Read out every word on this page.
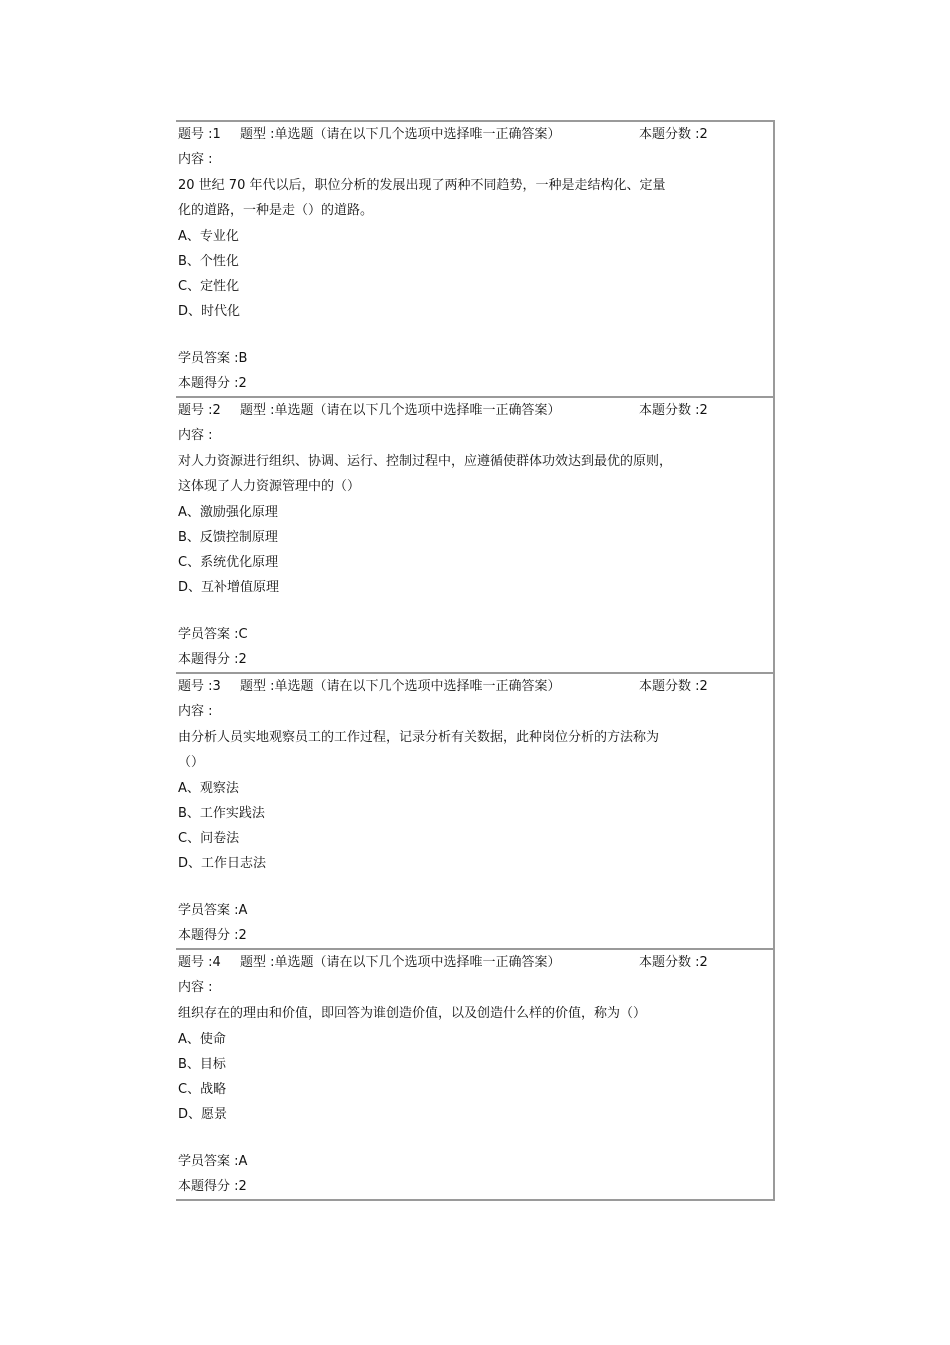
题号 :1 题型 :单选题（请在以下几个选项中选择唯一正确答案）	本题分数 :2
内容 :
20 世纪 70 年代以后，职位分析的发展出现了两种不同趋势，一种是走结构化、定量
化的道路，一种是走（）的道路。
A、专业化
B、个性化
C、定性化
D、时代化
学员答案 :B
本题得分 :2
题号 :2 题型 :单选题（请在以下几个选项中选择唯一正确答案）	本题分数 :2
内容 :
对人力资源进行组织、协调、运行、控制过程中，应遵循使群体功效达到最优的原则，
这体现了人力资源管理中的（）
A、激励强化原理
B、反馈控制原理
C、系统优化原理
D、互补增值原理
学员答案 :C
本题得分 :2
题号 :3 题型 :单选题（请在以下几个选项中选择唯一正确答案）	本题分数 :2
内容 :
由分析人员实地观察员工的工作过程，记录分析有关数据，此种岗位分析的方法称为
（）
A、观察法
B、工作实践法
C、问卷法
D、工作日志法
学员答案 :A
本题得分 :2
题号 :4 题型 :单选题（请在以下几个选项中选择唯一正确答案）	本题分数 :2
内容 :
组织存在的理由和价值，即回答为谁创造价值，以及创造什么样的价值，称为（）
A、使命
B、目标
C、战略
D、愿景
学员答案 :A
本题得分 :2
